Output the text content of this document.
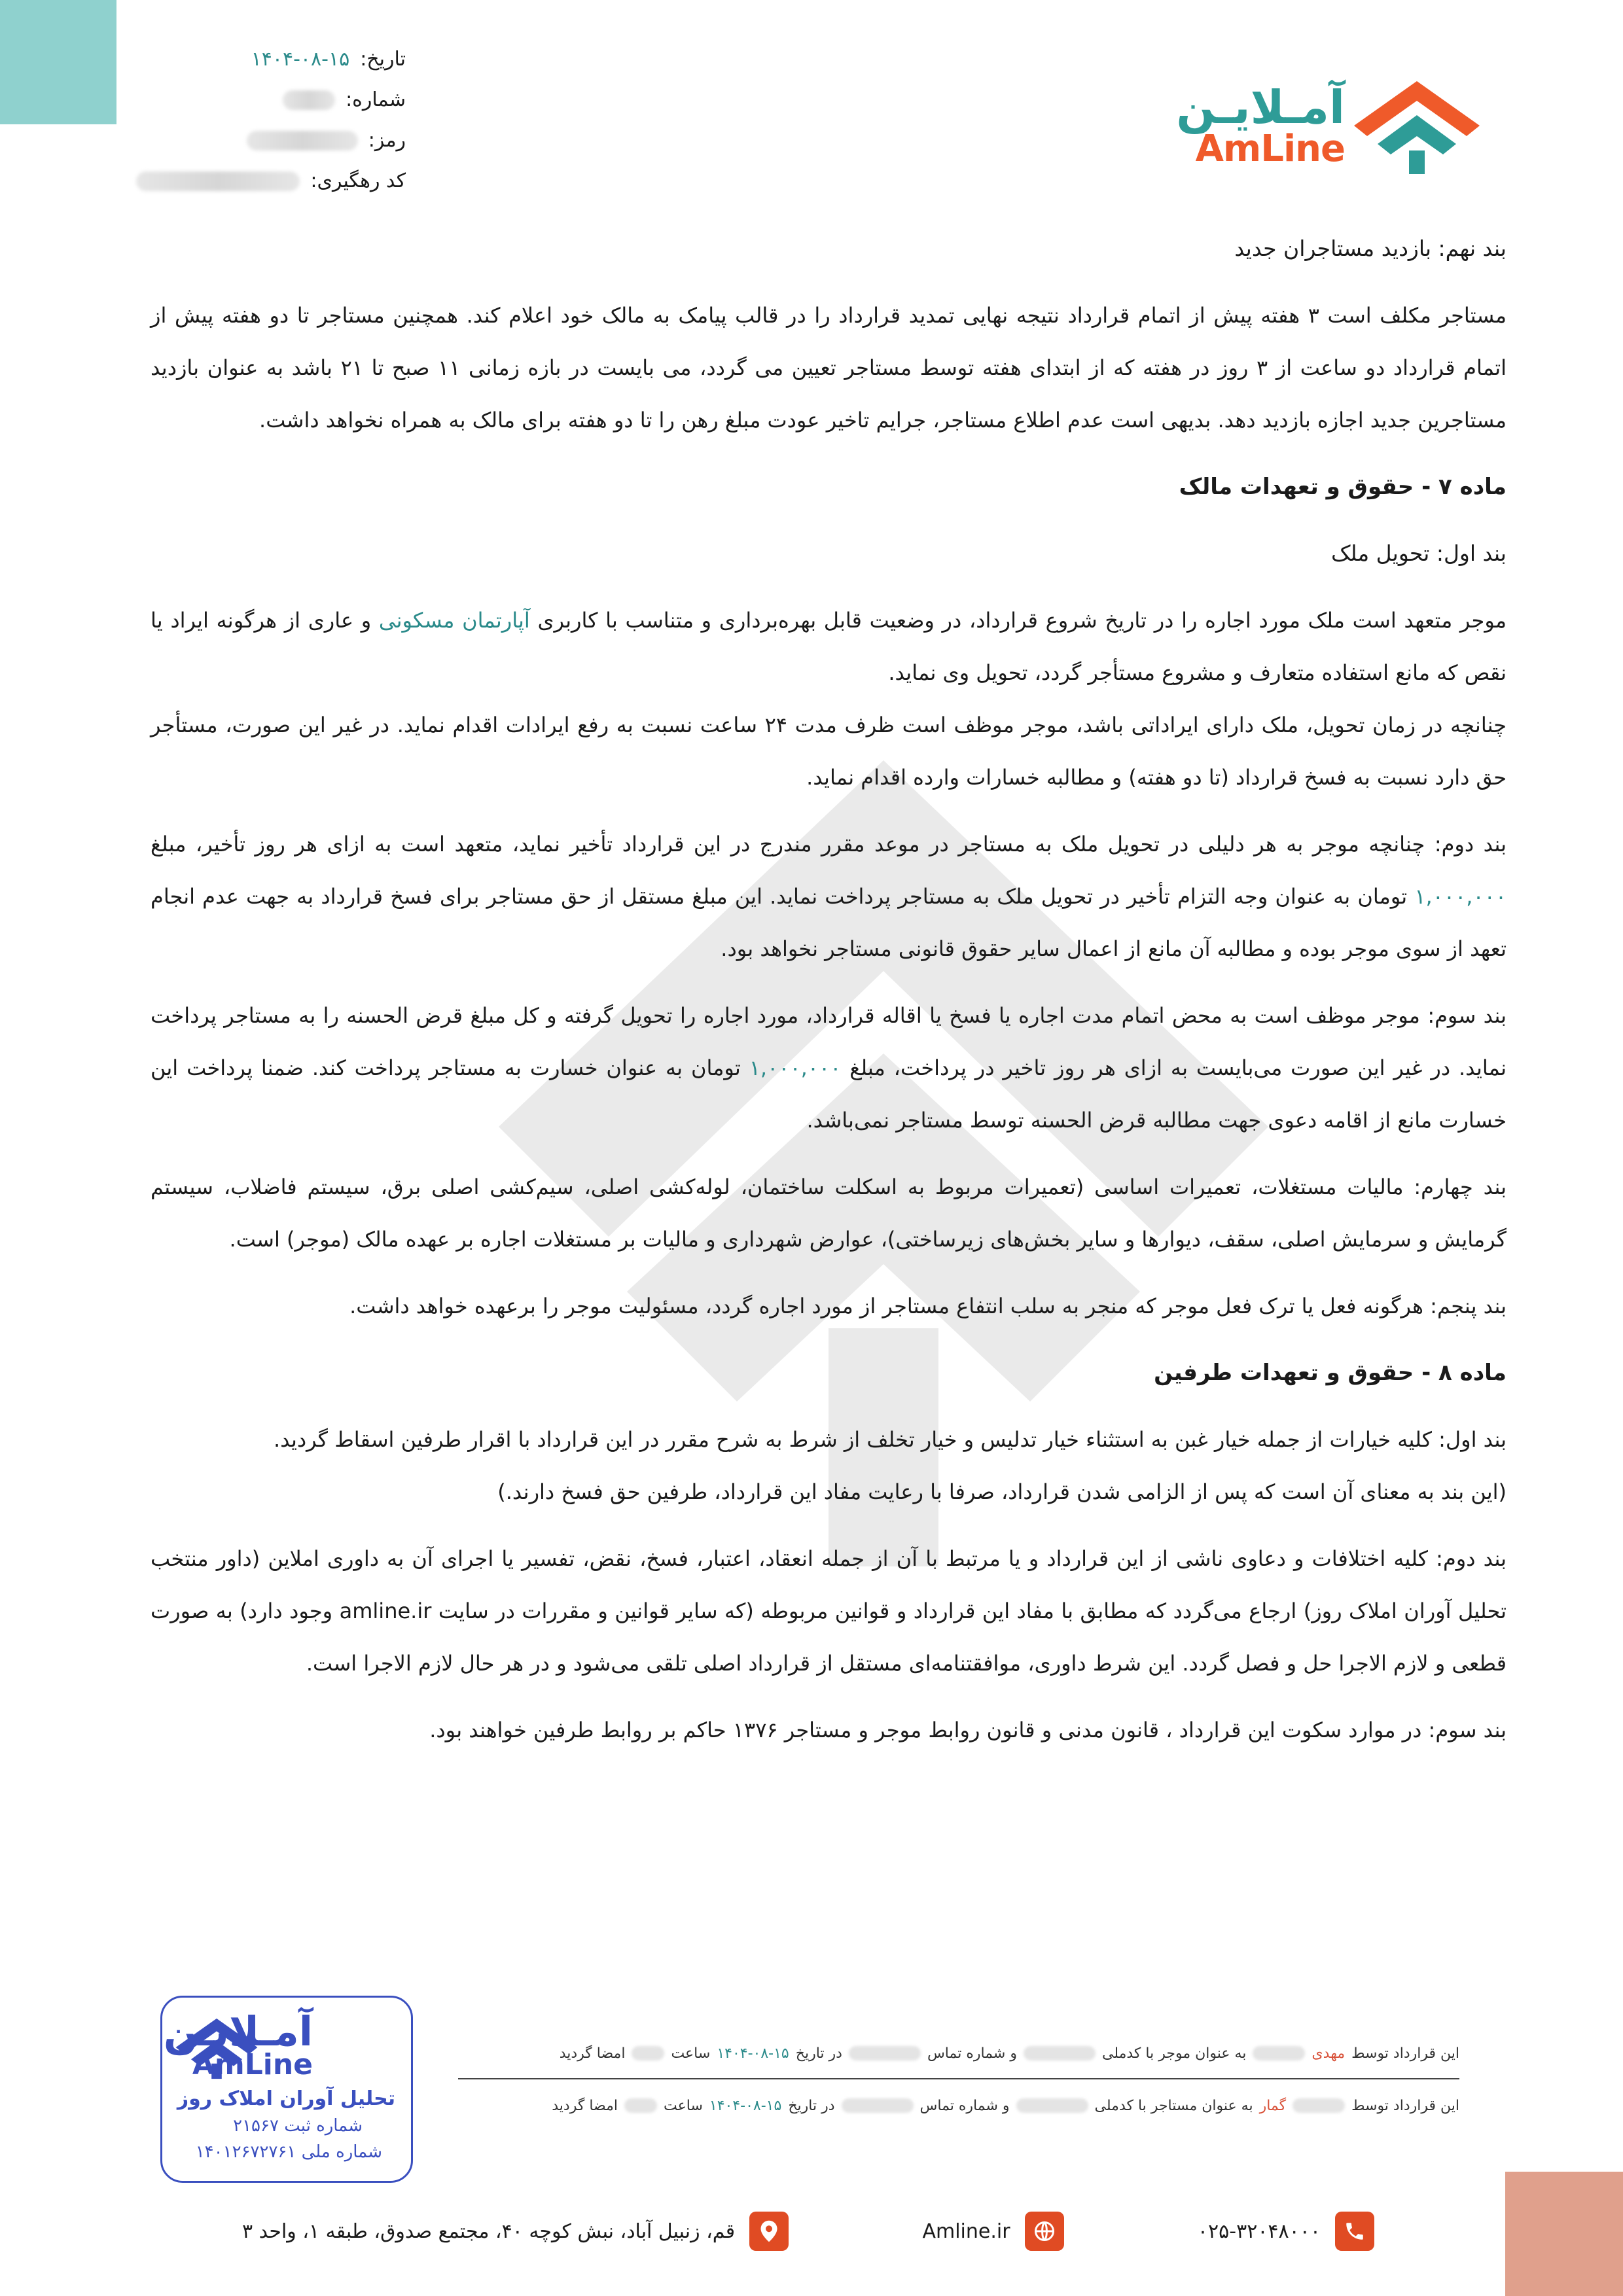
تاریخ:
۱۴۰۴-۰۸-۱۵
شماره:
رمز:
کد رهگیری:
آمـلایـن
AmLine

بند نهم: بازدید مستاجران جدید

مستاجر مکلف است ۳ هفته پیش از اتمام قرارداد نتیجه نهایی تمدید قرارداد را در قالب پیامک به مالک خود اعلام کند. همچنین مستاجر تا دو هفته پیش از اتمام قرارداد دو ساعت از ۳ روز در هفته که از ابتدای هفته توسط مستاجر تعیین می گردد، می بایست در بازه زمانی ۱۱ صبح تا ۲۱ باشد به عنوان بازدید مستاجرین جدید اجازه بازدید دهد. بدیهی است عدم اطلاع مستاجر، جرایم تاخیر عودت مبلغ رهن را تا دو هفته برای مالک به همراه نخواهد داشت.

ماده ۷ - حقوق و تعهدات مالک

بند اول: تحویل ملک

موجر متعهد است ملک مورد اجاره را در تاریخ شروع قرارداد، در وضعیت قابل بهره‌برداری و متناسب با کاربری آپارتمان مسکونی و عاری از هرگونه ایراد یا نقص که مانع استفاده متعارف و مشروع مستأجر گردد، تحویل وی نماید.

چنانچه در زمان تحویل، ملک دارای ایراداتی باشد، موجر موظف است ظرف مدت ۲۴ ساعت نسبت به رفع ایرادات اقدام نماید. در غیر این صورت، مستأجر حق دارد نسبت به فسخ قرارداد (تا دو هفته) و مطالبه خسارات وارده اقدام نماید.

بند دوم: چنانچه موجر به هر دلیلی در تحویل ملک به مستاجر در موعد مقرر مندرج در این قرارداد تأخیر نماید، متعهد است به ازای هر روز تأخیر، مبلغ ۱,۰۰۰,۰۰۰ تومان به عنوان وجه التزام تأخیر در تحویل ملک به مستاجر پرداخت نماید. این مبلغ مستقل از حق مستاجر برای فسخ قرارداد به جهت عدم انجام تعهد از سوی موجر بوده و مطالبه آن مانع از اعمال سایر حقوق قانونی مستاجر نخواهد بود.

بند سوم: موجر موظف است به محض اتمام مدت اجاره یا فسخ یا اقاله قرارداد، مورد اجاره را تحویل گرفته و کل مبلغ قرض الحسنه را به مستاجر پرداخت نماید. در غیر این صورت می‌بایست به ازای هر روز تاخیر در پرداخت، مبلغ ۱,۰۰۰,۰۰۰ تومان به عنوان خسارت به مستاجر پرداخت کند. ضمنا پرداخت این خسارت مانع از اقامه دعوی جهت مطالبه قرض الحسنه توسط مستاجر نمی‌باشد.

بند چهارم: مالیات مستغلات، تعمیرات اساسی (تعمیرات مربوط به اسکلت ساختمان، لوله‌کشی اصلی، سیم‌کشی اصلی برق، سیستم فاضلاب، سیستم گرمایش و سرمایش اصلی، سقف، دیوارها و سایر بخش‌های زیرساختی)، عوارض شهرداری و مالیات بر مستغلات اجاره بر عهده مالک (موجر) است.

بند پنجم: هرگونه فعل یا ترک فعل موجر که منجر به سلب انتفاع مستاجر از مورد اجاره گردد، مسئولیت موجر را برعهده خواهد داشت.

ماده ۸ - حقوق و تعهدات طرفین

بند اول: کلیه خیارات از جمله خیار غبن به استثناء خیار تدلیس و خیار تخلف از شرط به شرح مقرر در این قرارداد با اقرار طرفین اسقاط گردید.

(این بند به معنای آن است که پس از الزامی شدن قرارداد، صرفا با رعایت مفاد این قرارداد، طرفین حق فسخ دارند.)

بند دوم: کلیه اختلافات و دعاوی ناشی از این قرارداد و یا مرتبط با آن از جمله انعقاد، اعتبار، فسخ، نقض، تفسیر یا اجرای آن به داوری املاین (داور منتخب تحلیل آوران املاک روز) ارجاع می‌گردد که مطابق با مفاد این قرارداد و قوانین مربوطه (که سایر قوانین و مقررات در سایت amline.ir وجود دارد) به صورت قطعی و لازم الاجرا حل و فصل گردد. این شرط داوری، موافقتنامه‌ای مستقل از قرارداد اصلی تلقی می‌شود و در هر حال لازم الاجرا است.

بند سوم: در موارد سکوت این قرارداد ، قانون مدنی و قانون روابط موجر و مستاجر ۱۳۷۶ حاکم بر روابط طرفین خواهند بود.

این قرارداد توسط
مهدی
به عنوان موجر با کدملی
و شماره تماس
در تاریخ
۱۴۰۴-۰۸-۱۵
ساعت
امضا گردید
این قرارداد توسط
گمار
به عنوان مستاجر با کدملی
و شماره تماس
در تاریخ
۱۴۰۴-۰۸-۱۵
ساعت
امضا گردید
آمـلایـن
AmLine
تحلیل آوران املاک روز
شماره ثبت ۲۱۵۶۷
شماره ملی ۱۴۰۱۲۶۷۲۷۶۱
۰۲۵-۳۲۰۴۸۰۰۰
Amline.ir
قم، زنبیل آباد، نبش کوچه ۴۰، مجتمع صدوق، طبقه ۱، واحد ۳
